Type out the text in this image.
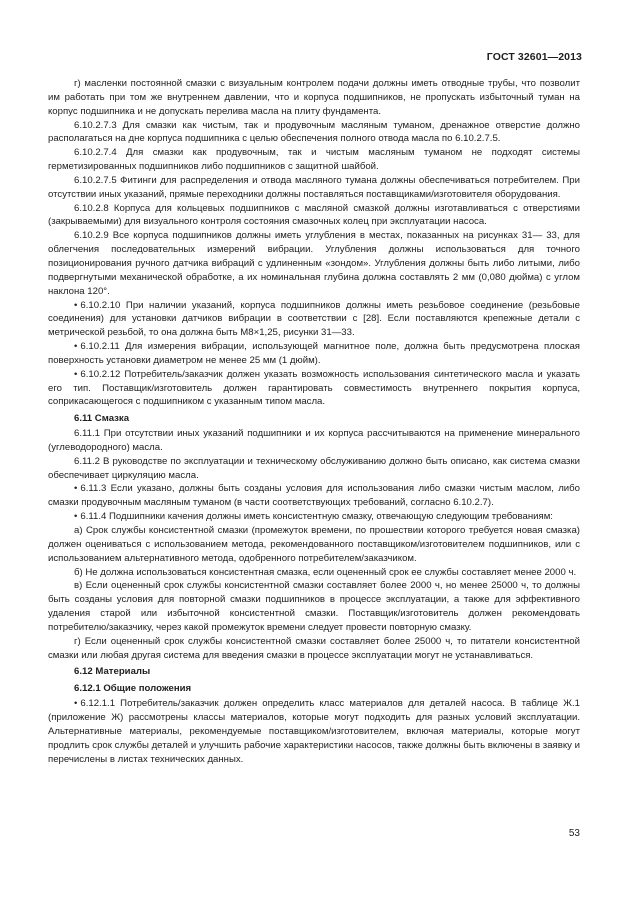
ГОСТ 32601—2013

г) масленки постоянной смазки с визуальным контролем подачи должны иметь отводные трубы, что позволит им работать при том же внутреннем давлении, что и корпуса подшипников, не пропускать избыточный туман на корпус подшипника и не допускать перелива масла на плиту фундамента.

6.10.2.7.3 Для смазки как чистым, так и продувочным масляным туманом, дренажное отверстие должно располагаться на дне корпуса подшипника с целью обеспечения полного отвода масла по 6.10.2.7.5.

6.10.2.7.4 Для смазки как продувочным, так и чистым масляным туманом не подходят системы герметизированных подшипников либо подшипников с защитной шайбой.

6.10.2.7.5 Фитинги для распределения и отвода масляного тумана должны обеспечиваться потребителем. При отсутствии иных указаний, прямые переходники должны поставляться поставщиками/изготовителя оборудования.

6.10.2.8 Корпуса для кольцевых подшипников с масляной смазкой должны изготавливаться с отверстиями (закрываемыми) для визуального контроля состояния смазочных колец при эксплуатации насоса.

6.10.2.9 Все корпуса подшипников должны иметь углубления в местах, показанных на рисунках 31— 33, для облегчения последовательных измерений вибрации. Углубления должны использоваться для точного позиционирования ручного датчика вибраций с удлиненным «зондом». Углубления должны быть либо литыми, либо подвергнутыми механической обработке, а их номинальная глубина должна составлять 2 мм (0,080 дюйма) с углом наклона 120°.

• 6.10.2.10 При наличии указаний, корпуса подшипников должны иметь резьбовое соединение (резьбовые соединения) для установки датчиков вибрации в соответствии с [28]. Если поставляются крепежные детали с метрической резьбой, то она должна быть M8×1,25, рисунки 31—33.

• 6.10.2.11 Для измерения вибрации, использующей магнитное поле, должна быть предусмотрена плоская поверхность установки диаметром не менее 25 мм (1 дюйм).

• 6.10.2.12 Потребитель/заказчик должен указать возможность использования синтетического масла и указать его тип. Поставщик/изготовитель должен гарантировать совместимость внутреннего покрытия корпуса, соприкасающегося с подшипником с указанным типом масла.

6.11 Смазка

6.11.1 При отсутствии иных указаний подшипники и их корпуса рассчитываются на применение минерального (углеводородного) масла.

6.11.2 В руководстве по эксплуатации и техническому обслуживанию должно быть описано, как система смазки обеспечивает циркуляцию масла.

• 6.11.3 Если указано, должны быть созданы условия для использования либо смазки чистым маслом, либо смазки продувочным масляным туманом (в части соответствующих требований, согласно 6.10.2.7).

• 6.11.4 Подшипники качения должны иметь консистентную смазку, отвечающую следующим требованиям:

а) Срок службы консистентной смазки (промежуток времени, по прошествии которого требуется новая смазка) должен оцениваться с использованием метода, рекомендованного поставщиком/изготовителем подшипников, или с использованием альтернативного метода, одобренного потребителем/заказчиком.

б) Не должна использоваться консистентная смазка, если оцененный срок ее службы составляет менее 2000 ч.

в) Если оцененный срок службы консистентной смазки составляет более 2000 ч, но менее 25000 ч, то должны быть созданы условия для повторной смазки подшипников в процессе эксплуатации, а также для эффективного удаления старой или избыточной консистентной смазки. Поставщик/изготовитель должен рекомендовать потребителю/заказчику, через какой промежуток времени следует провести повторную смазку.

г) Если оцененный срок службы консистентной смазки составляет более 25000 ч, то питатели консистентной смазки или любая другая система для введения смазки в процессе эксплуатации могут не устанавливаться.

6.12 Материалы

6.12.1 Общие положения

• 6.12.1.1 Потребитель/заказчик должен определить класс материалов для деталей насоса. В таблице Ж.1 (приложение Ж) рассмотрены классы материалов, которые могут подходить для разных условий эксплуатации. Альтернативные материалы, рекомендуемые поставщиком/изготовителем, включая материалы, которые могут продлить срок службы деталей и улучшить рабочие характеристики насосов, также должны быть включены в заявку и перечислены в листах технических данных.

53
